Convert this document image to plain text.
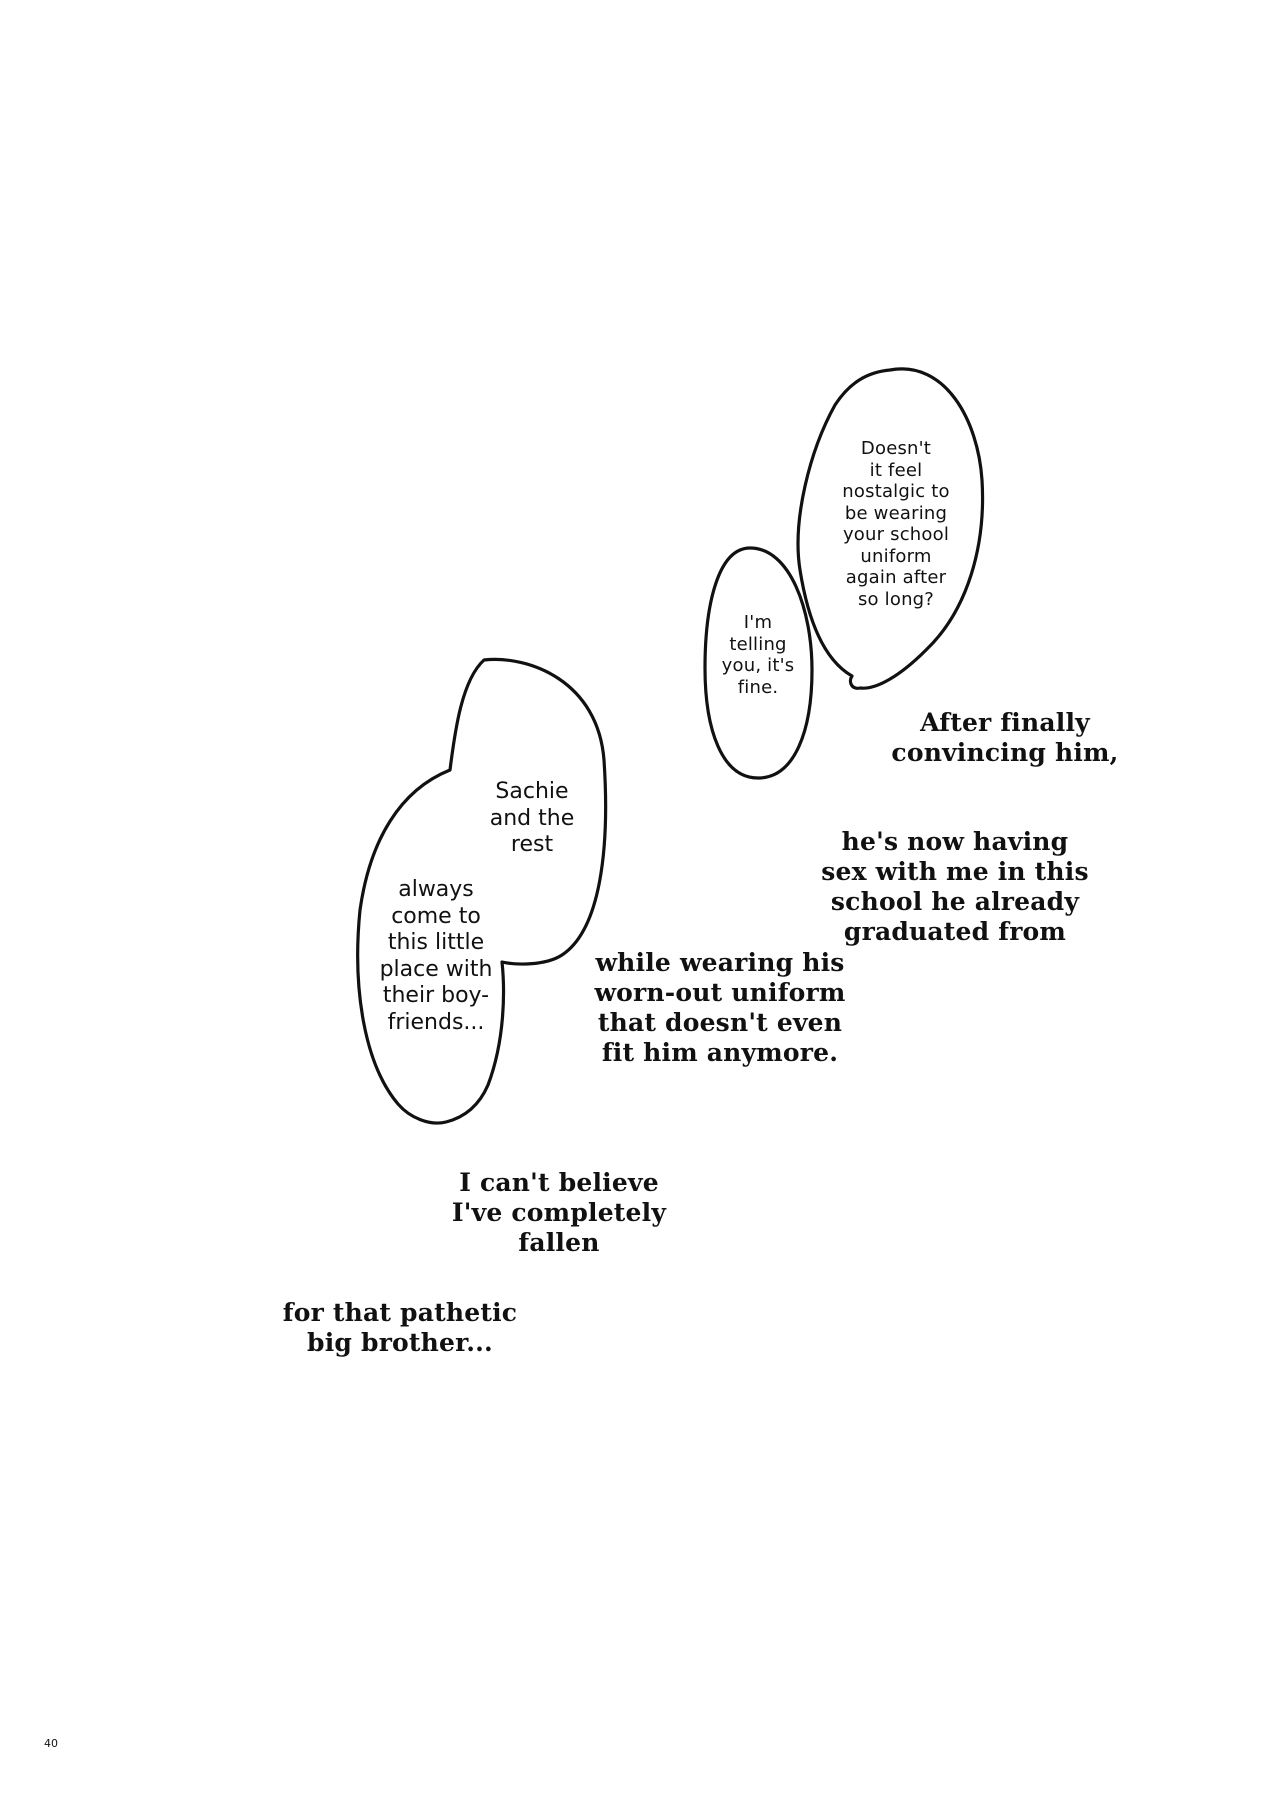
Doesn't
it feel
nostalgic to
be wearing
your school
uniform
again after
so long?
I'm
telling
you, it's
fine.
Sachie
and the
rest
always
come to
this little
place with
their boy-
friends...
After finally
convincing him,
he's now having
sex with me in this
school he already
graduated from
while wearing his
worn-out uniform
that doesn't even
fit him anymore.
I can't believe
I've completely
fallen
for that pathetic
big brother...
40
